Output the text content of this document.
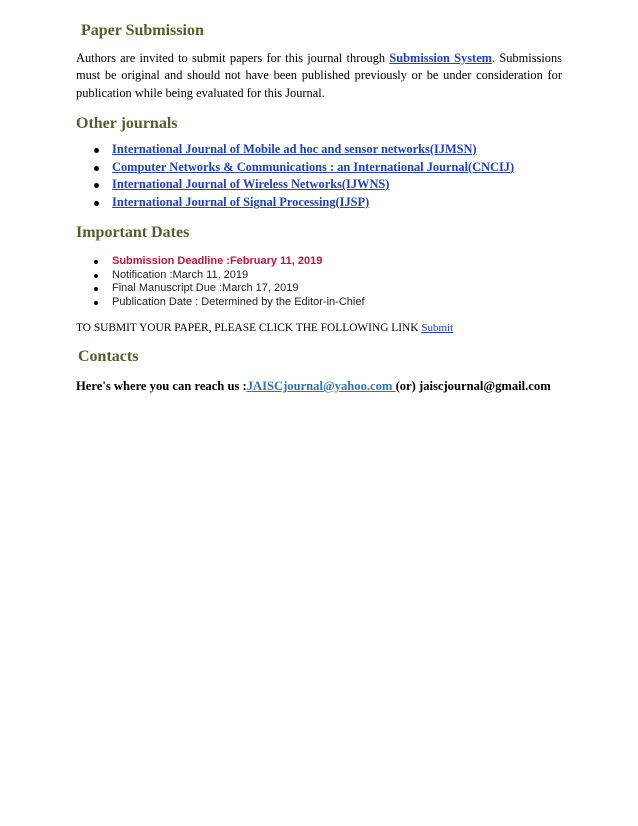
Paper Submission

Authors are invited to submit papers for this journal through Submission System. Submissions must be original and should not have been published previously or be under consideration for publication while being evaluated for this Journal.

Other journals
International Journal of Mobile ad hoc and sensor networks(IJMSN)
Computer Networks & Communications : an International Journal(CNCIJ)
International Journal of Wireless Networks(IJWNS)
International Journal of Signal Processing(IJSP)
Important Dates
Submission Deadline :February 11, 2019
Notification :March 11, 2019
Final Manuscript Due :March 17, 2019
Publication Date : Determined by the Editor-in-Chief

TO SUBMIT YOUR PAPER, PLEASE CLICK THE FOLLOWING LINK Submit

Contacts

Here's where you can reach us :JAISCjournal@yahoo.com (or) jaiscjournal@gmail.com
